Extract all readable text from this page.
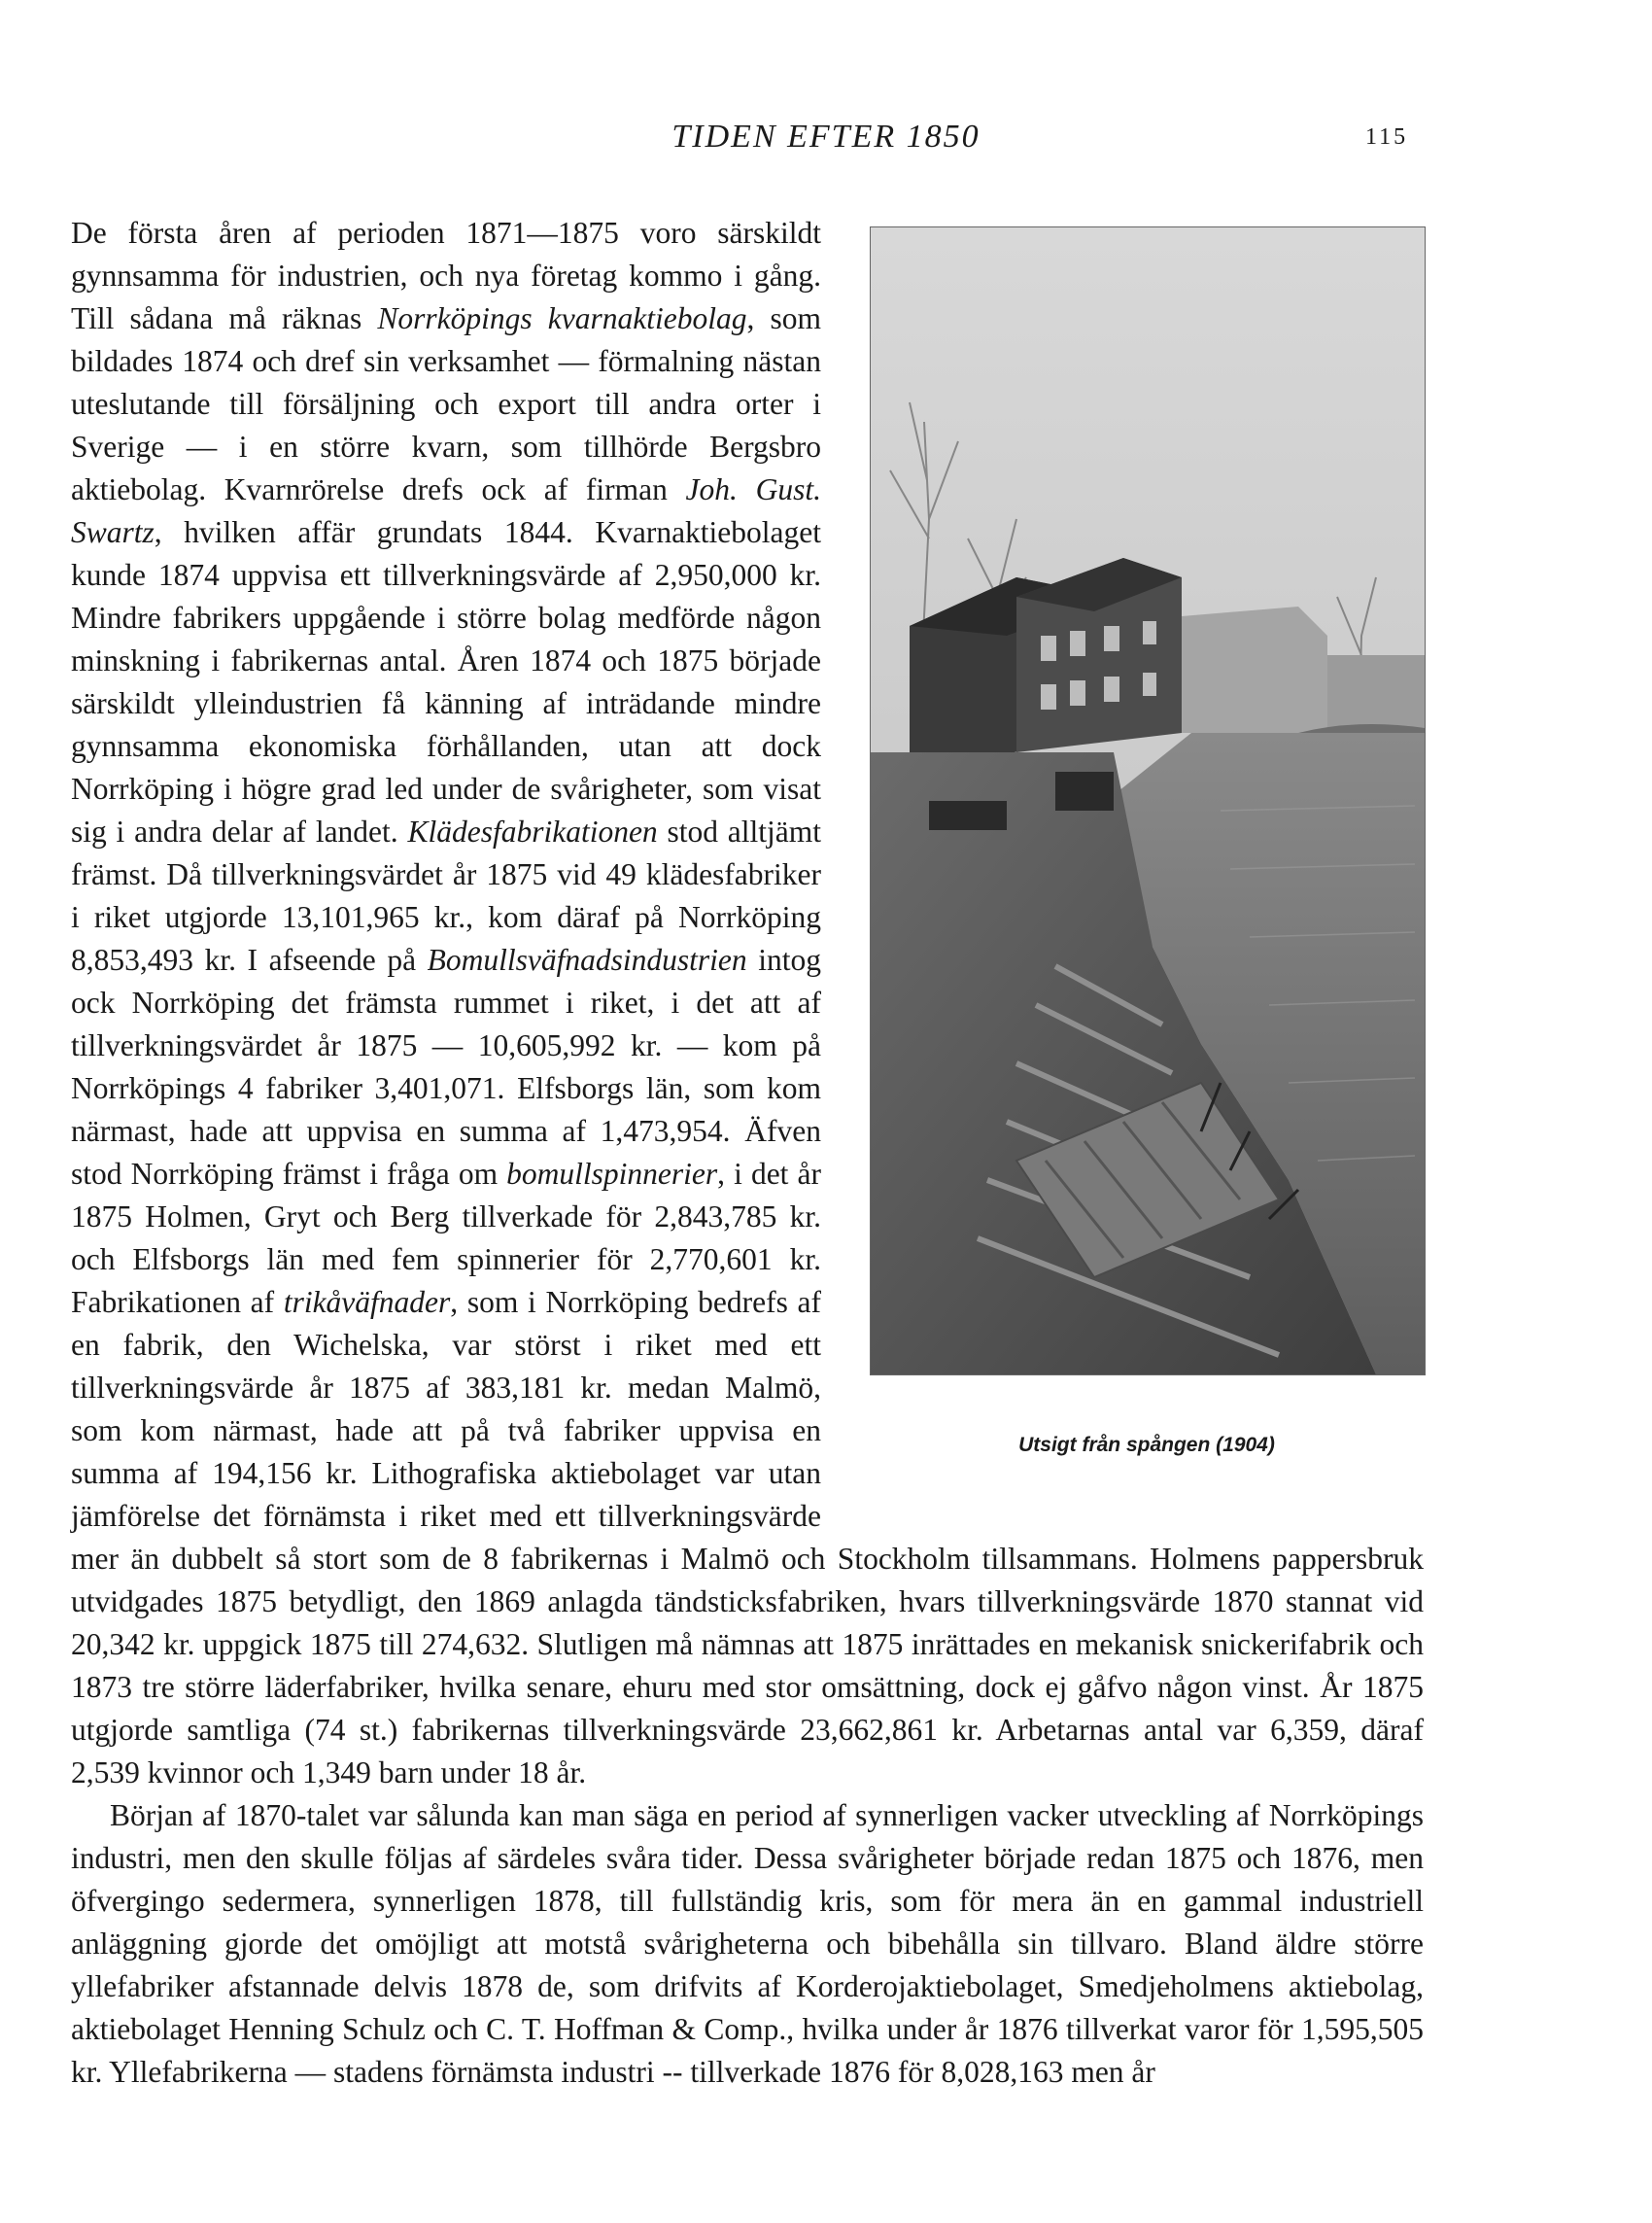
TIDEN EFTER 1850	115

Utsigt från spången (1904)
De första åren af perioden 1871—1875 voro särskildt gynnsamma för industrien, och nya företag kommo i gång. Till sådana må räknas Norrköpings kvarnaktiebolag, som bildades 1874 och dref sin verksamhet — förmalning nästan uteslutande till försäljning och export till andra orter i Sverige — i en större kvarn, som tillhörde Bergsbro aktiebolag. Kvarnrörelse drefs ock af firman Joh. Gust. Swartz, hvilken affär grundats 1844. Kvarnaktiebolaget kunde 1874 uppvisa ett tillverkningsvärde af 2,950,000 kr. Mindre fabrikers uppgående i större bolag medförde någon minskning i fabrikernas antal. Åren 1874 och 1875 började särskildt ylleindustrien få känning af inträdande mindre gynnsamma ekonomiska förhållanden, utan att dock Norrköping i högre grad led under de svårigheter, som visat sig i andra delar af landet. Klädesfabrikationen stod alltjämt främst. Då tillverkningsvärdet år 1875 vid 49 klädesfabriker i riket utgjorde 13,101,965 kr., kom däraf på Norrköping 8,853,493 kr. I afseende på Bomullsväfnadsindustrien intog ock Norrköping det främsta rummet i riket, i det att af tillverkningsvärdet år 1875 — 10,605,992 kr. — kom på Norrköpings 4 fabriker 3,401,071. Elfsborgs län, som kom närmast, hade att uppvisa en summa af 1,473,954. Äfven stod Norrköping främst i fråga om bomullspinnerier, i det år 1875 Holmen, Gryt och Berg tillverkade för 2,843,785 kr. och Elfsborgs län med fem spinnerier för 2,770,601 kr. Fabrikationen af trikåväfnader, som i Norrköping bedrefs af en fabrik, den Wichelska, var störst i riket med ett tillverkningsvärde år 1875 af 383,181 kr. medan Malmö, som kom närmast, hade att på två fabriker uppvisa en summa af 194,156 kr. Lithografiska aktiebolaget var utan jämförelse det förnämsta i riket med ett tillverkningsvärde mer än dubbelt så stort som de 8 fabrikernas i Malmö och Stockholm tillsammans. Holmens pappersbruk utvidgades 1875 betydligt, den 1869 anlagda tändsticksfabriken, hvars tillverkningsvärde 1870 stannat vid 20,342 kr. uppgick 1875 till 274,632. Slutligen må nämnas att 1875 inrättades en mekanisk snickerifabrik och 1873 tre större läderfabriker, hvilka senare, ehuru med stor omsättning, dock ej gåfvo någon vinst. År 1875 utgjorde samtliga (74 st.) fabrikernas tillverkningsvärde 23,662,861 kr. Arbetarnas antal var 6,359, däraf 2,539 kvinnor och 1,349 barn under 18 år.

Början af 1870-talet var sålunda kan man säga en period af synnerligen vacker utveckling af Norrköpings industri, men den skulle följas af särdeles svåra tider. Dessa svårigheter började redan 1875 och 1876, men öfvergingo sedermera, synnerligen 1878, till fullständig kris, som för mera än en gammal industriell anläggning gjorde det omöjligt att motstå svårigheterna och bibehålla sin tillvaro. Bland äldre större yllefabriker afstannade delvis 1878 de, som drifvits af Korderojaktiebolaget, Smedjeholmens aktiebolag, aktiebolaget Henning Schulz och C. T. Hoffman & Comp., hvilka under år 1876 tillverkat varor för 1,595,505 kr. Yllefabrikerna — stadens förnämsta industri -- tillverkade 1876 för 8,028,163 men år
